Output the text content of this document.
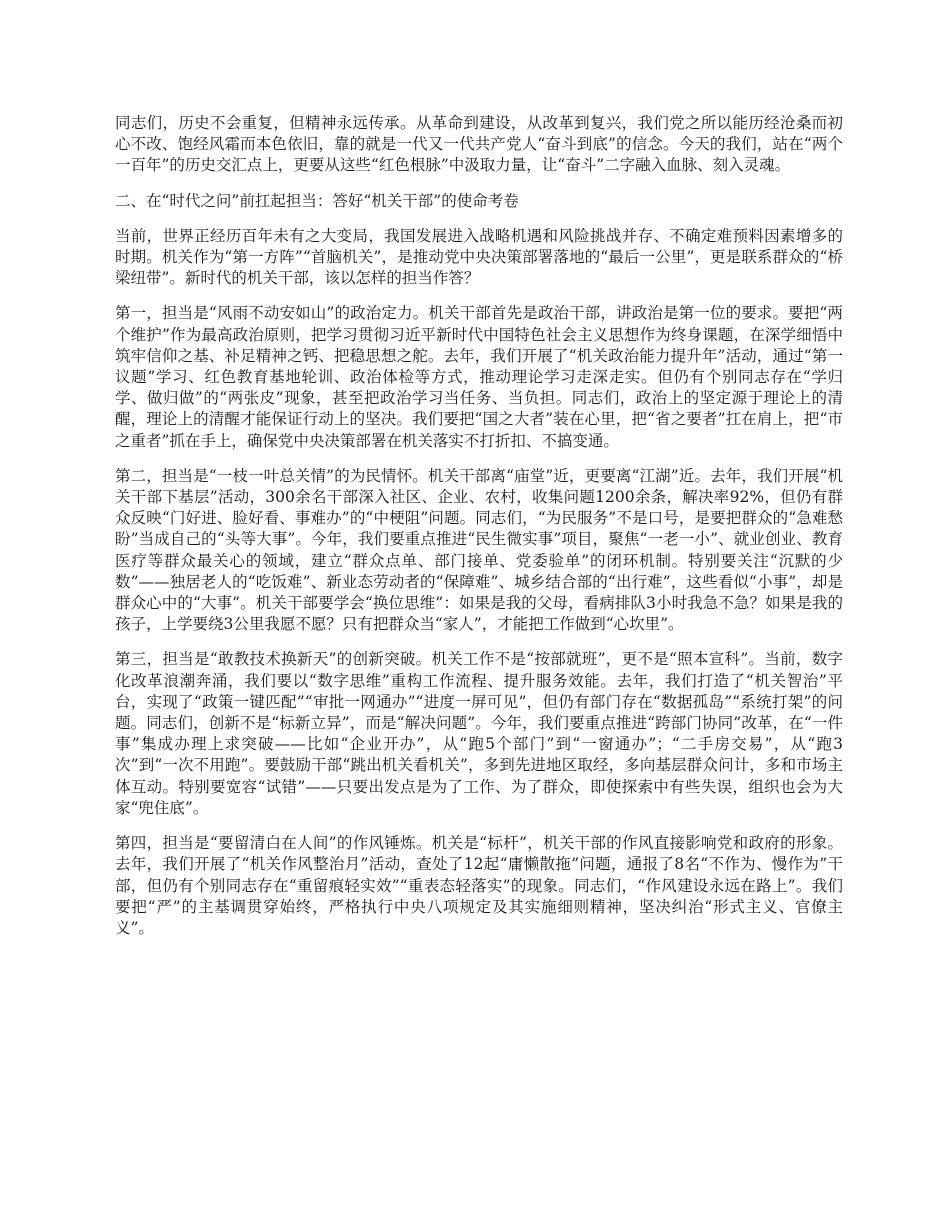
同志们，历史不会重复，但精神永远传承。从革命到建设，从改革到复兴，我们党之所以能历经沧桑而初心不改、饱经风霜而本色依旧，靠的就是一代又一代共产党人“奋斗到底”的信念。今天的我们，站在“两个一百年”的历史交汇点上，更要从这些“红色根脉”中汲取力量，让“奋斗”二字融入血脉、刻入灵魂。

二、在“时代之问”前扛起担当：答好“机关干部”的使命考卷

当前，世界正经历百年未有之大变局，我国发展进入战略机遇和风险挑战并存、不确定难预料因素增多的时期。机关作为“第一方阵”“首脑机关”，是推动党中央决策部署落地的“最后一公里”，更是联系群众的“桥梁纽带”。新时代的机关干部，该以怎样的担当作答？

第一，担当是“风雨不动安如山”的政治定力。机关干部首先是政治干部，讲政治是第一位的要求。要把“两个维护”作为最高政治原则，把学习贯彻习近平新时代中国特色社会主义思想作为终身课题，在深学细悟中筑牢信仰之基、补足精神之钙、把稳思想之舵。去年，我们开展了“机关政治能力提升年”活动，通过“第一议题”学习、红色教育基地轮训、政治体检等方式，推动理论学习走深走实。但仍有个别同志存在“学归学、做归做”的“两张皮”现象，甚至把政治学习当任务、当负担。同志们，政治上的坚定源于理论上的清醒，理论上的清醒才能保证行动上的坚决。我们要把“国之大者”装在心里，把“省之要者”扛在肩上，把“市之重者”抓在手上，确保党中央决策部署在机关落实不打折扣、不搞变通。

第二，担当是“一枝一叶总关情”的为民情怀。机关干部离“庙堂”近，更要离“江湖”近。去年，我们开展“机关干部下基层”活动，300余名干部深入社区、企业、农村，收集问题1200余条，解决率92%，但仍有群众反映“门好进、脸好看、事难办”的“中梗阻”问题。同志们，“为民服务”不是口号，是要把群众的“急难愁盼”当成自己的“头等大事”。今年，我们要重点推进“民生微实事”项目，聚焦“一老一小”、就业创业、教育医疗等群众最关心的领域，建立“群众点单、部门接单、党委验单”的闭环机制。特别要关注“沉默的少数”——独居老人的“吃饭难”、新业态劳动者的“保障难”、城乡结合部的“出行难”，这些看似“小事”，却是群众心中的“大事”。机关干部要学会“换位思维”：如果是我的父母，看病排队3小时我急不急？如果是我的孩子，上学要绕3公里我愿不愿？只有把群众当“家人”，才能把工作做到“心坎里”。

第三，担当是“敢教技术换新天”的创新突破。机关工作不是“按部就班”，更不是“照本宣科”。当前，数字化改革浪潮奔涌，我们要以“数字思维”重构工作流程、提升服务效能。去年，我们打造了“机关智治”平台，实现了“政策一键匹配”“审批一网通办”“进度一屏可见”，但仍有部门存在“数据孤岛”“系统打架”的问题。同志们，创新不是“标新立异”，而是“解决问题”。今年，我们要重点推进“跨部门协同”改革，在“一件事”集成办理上求突破——比如“企业开办”，从“跑5个部门”到“一窗通办”；“二手房交易”，从“跑3次”到“一次不用跑”。要鼓励干部“跳出机关看机关”，多到先进地区取经，多向基层群众问计，多和市场主体互动。特别要宽容“试错”——只要出发点是为了工作、为了群众，即使探索中有些失误，组织也会为大家“兜住底”。

第四，担当是“要留清白在人间”的作风锤炼。机关是“标杆”，机关干部的作风直接影响党和政府的形象。去年，我们开展了“机关作风整治月”活动，查处了12起“庸懒散拖”问题，通报了8名“不作为、慢作为”干部，但仍有个别同志存在“重留痕轻实效”“重表态轻落实”的现象。同志们，“作风建设永远在路上”。我们要把“严”的主基调贯穿始终，严格执行中央八项规定及其实施细则精神，坚决纠治“形式主义、官僚主义”。
